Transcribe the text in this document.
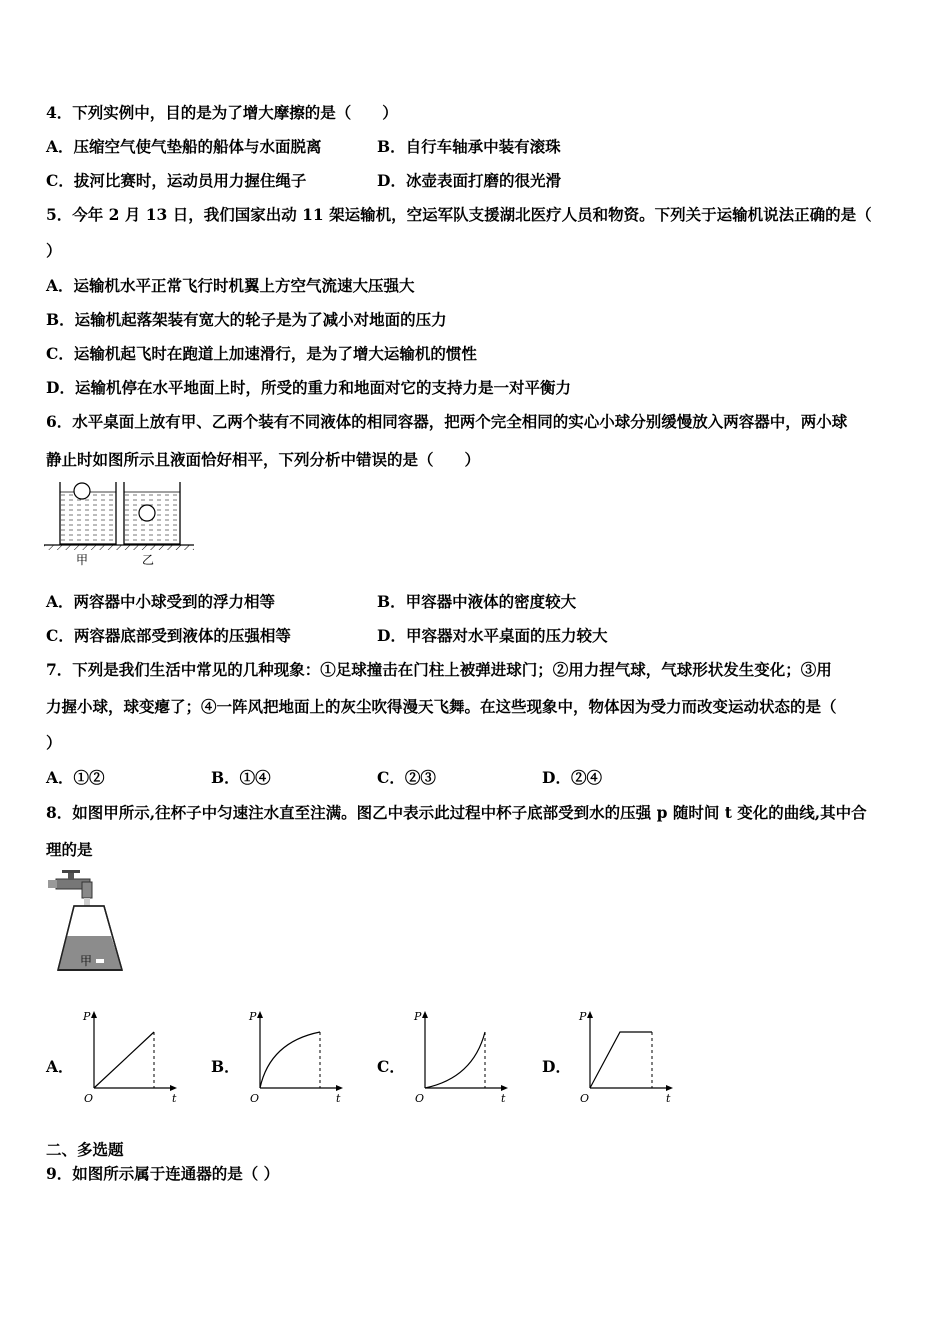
4．下列实例中，目的是为了增大摩擦的是（　　）
A．压缩空气使气垫船的船体与水面脱离	B．自行车轴承中装有滚珠
C．拔河比赛时，运动员用力握住绳子	D．冰壶表面打磨的很光滑
5．今年 2 月 13 日，我们国家出动 11 架运输机，空运军队支援湖北医疗人员和物资。下列关于运输机说法正确的是（
）
A．运输机水平正常飞行时机翼上方空气流速大压强大
B．运输机起落架装有宽大的轮子是为了减小对地面的压力
C．运输机起飞时在跑道上加速滑行，是为了增大运输机的惯性
D．运输机停在水平地面上时，所受的重力和地面对它的支持力是一对平衡力
6．水平桌面上放有甲、乙两个装有不同液体的相同容器，把两个完全相同的实心小球分别缓慢放入两容器中，两小球
静止时如图所示且液面恰好相平，下列分析中错误的是（　　）
甲	乙
A．两容器中小球受到的浮力相等	B．甲容器中液体的密度较大
C．两容器底部受到液体的压强相等	D．甲容器对水平桌面的压力较大
7．下列是我们生活中常见的几种现象：①足球撞击在门柱上被弹进球门；②用力捏气球，气球形状发生变化；③用
力握小球，球变瘪了；④一阵风把地面上的灰尘吹得漫天飞舞。在这些现象中，物体因为受力而改变运动状态的是（
）
A．①②	B．①④	C．②③	D．②④
8．如图甲所示,往杯子中匀速注水直至注满。图乙中表示此过程中杯子底部受到水的压强 p 随时间 t 变化的曲线,其中合
理的是
甲
A．	B．	C．	D．
P
t
O
P
t
O
P
t
O
P
t
O
二、多选题
9．如图所示属于连通器的是（ ）
